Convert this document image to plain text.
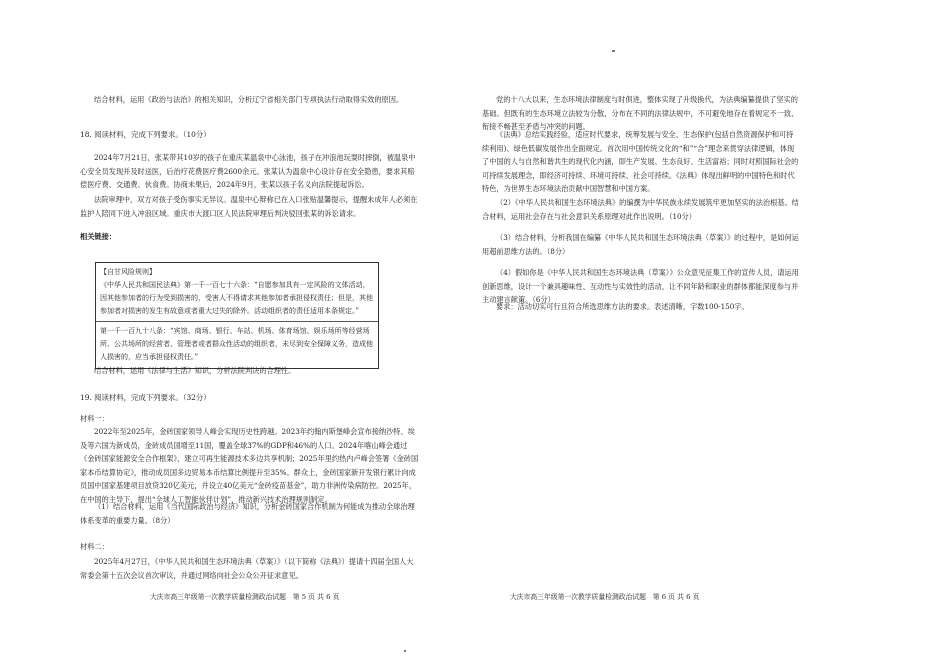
结合材料，运用《政治与法治》的相关知识，分析辽宁省相关部门专项执法行动取得实效的原因。

18. 阅读材料，完成下列要求。（10分）

2024年7月21日，张某带其10岁的孩子在重庆某温泉中心泳池，孩子在冲浪池玩耍时摔倒，被温泉中心安全员发现并及时送医，后治疗花费医疗费2600余元。张某认为温泉中心设计存在安全隐患，要求其赔偿医疗费、交通费、伙食费。协商未果后，2024年9月，张某以孩子名义向法院提起诉讼。

法院审理中，双方对孩子受伤事实无异议。温泉中心辩称已在入口张贴温馨提示，提醒未成年人必须在监护人陪同下进入冲浪区域。重庆市大渡口区人民法院审理后判决驳回张某的诉讼请求。

相关链接：

【自甘风险规则】

《中华人民共和国民法典》第一千一百七十六条：“自愿参加具有一定风险的文体活动，因其他参加者的行为受到损害的，受害人不得请求其他参加者承担侵权责任；但是，其他参加者对损害的发生有故意或者重大过失的除外。活动组织者的责任适用本条规定。”

第一千一百九十八条：“宾馆、商场、银行、车站、机场、体育场馆、娱乐场所等经营场所、公共场所的经营者、管理者或者群众性活动的组织者，未尽到安全保障义务，造成他人损害的，应当承担侵权责任。”

结合材料，运用《法律与生活》知识，分析法院判决的合理性。

19. 阅读材料，完成下列要求。（32分）

材料一：

2022年至2025年，金砖国家领导人峰会实现历史性跨越。2023年约翰内斯堡峰会宣布接纳沙特、埃及等六国为新成员，金砖成员国增至11国，覆盖全球37%的GDP和46%的人口。2024年喀山峰会通过《金砖国家能源安全合作框架》，建立可再生能源技术多边共享机制；2025年里约热内卢峰会签署《金砖国家本币结算协定》，推动成员国多边贸易本币结算比例提升至35%。群众上，金砖国家新开发银行累计向成员国中国家基建项目放贷320亿美元，并设立40亿美元“金砖疫苗基金”，助力非洲传染病防控。2025年，在中国的主导下，提出“全球人工智能伙伴计划”，推动新兴技术治理规则制定。

（1）结合材料，运用《当代国际政治与经济》知识，分析金砖国家合作机制为何能成为推动全球治理体系变革的重要力量。（8分）

材料二：

2025年4月27日，《中华人民共和国生态环境法典（草案）》（以下简称《法典》）提请十四届全国人大常委会第十五次会议首次审议，并通过网络向社会公众公开征求意见。

大庆市高三年级第一次教学质量检测政治试题　第 5 页 共 6 页

党的十八大以来，生态环境法律制度与时俱进，整体实现了升级换代，为法典编纂提供了坚实的基础。但既有的生态环境立法较为分散，分布在不同的法律法规中，不可避免地存在着规定不一致、衔接不畅甚至矛盾与冲突的问题。

《法典》总结实践经验，适应时代要求，统筹发展与安全、生态保护(包括自然资源保护和可持续利用)、绿色低碳发展作出全面规定。首次用中国传统文化的“和”“合”理念来贯穿法律逻辑，体现了中国的人与自然和谐共生的现代化内涵，即生产发展、生态良好、生活富裕；同时对照国际社会的可持续发展理念，即经济可持续、环境可持续、社会可持续。《法典》体现出鲜明的中国特色和时代特色，为世界生态环境法治贡献中国智慧和中国方案。

（2）《中华人民共和国生态环境法典》的编撰为中华民族永续发展筑牢更加坚实的法治根基。结合材料，运用社会存在与社会意识关系原理对此作出说明。（10分）

（3）结合材料，分析我国在编纂《中华人民共和国生态环境法典（草案）》的过程中，是如何运用超前思维方法的。（8分）

（4）假如你是《中华人民共和国生态环境法典（草案）》公众意见征集工作的宣传人员，请运用创新思维，设计一个兼具趣味性、互动性与实效性的活动，让不同年龄和职业的群体都能深度参与并主动建言献策。（6分）

要求：活动切实可行且符合所选思维方法的要求。表述清晰，字数100-150字。

大庆市高三年级第一次教学质量检测政治试题　第 6 页 共 6 页
